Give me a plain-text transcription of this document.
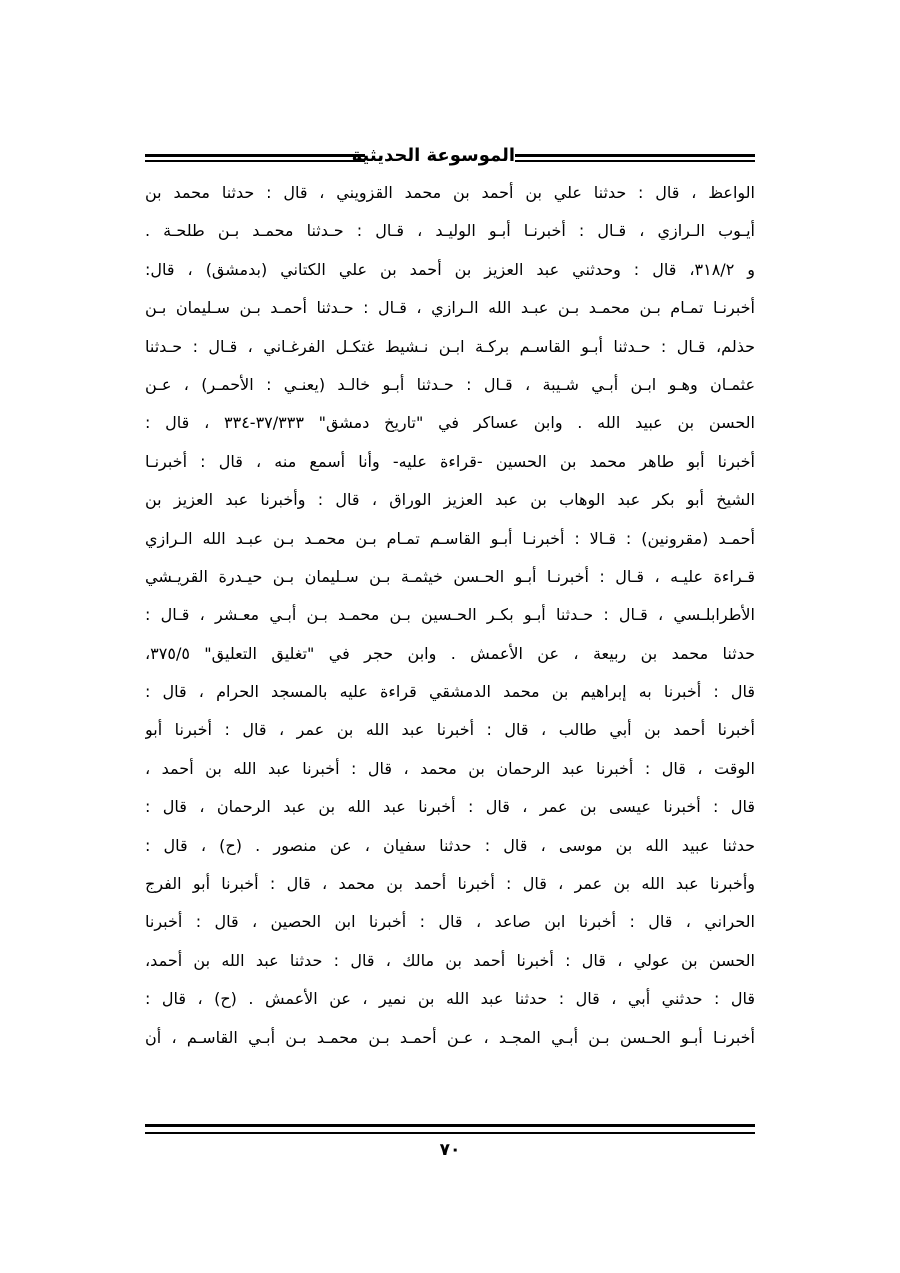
الموسوعة الحديثية
الواعظ ، قال : حدثنا علي بن أحمد بن محمد القزويني ، قال : حدثنا محمد بن
أيـوب الـرازي ، قـال : أخبرنـا أبـو الوليـد ، قـال : حـدثنا محمـد بـن طلحـة .
و ٣١٨/٢، قال : وحدثني عبد العزيز بن أحمد بن علي الكتاني (بدمشق) ، قال:
أخبرنـا تمـام بـن محمـد بـن عبـد الله الـرازي ، قـال : حـدثنا أحمـد بـن سـليمان بـن
حذلم، قـال : حـدثنا أبـو القاسـم بركـة ابـن نـشيط غتكـل الفرغـاني ، قـال : حـدثنا
عثمـان وهـو ابـن أبـي شـيبة ، قـال : حـدثنا أبـو خالـد (يعنـي : الأحمـر) ، عـن
الحسن بن عبيد الله . وابن عساكر في "تاريخ دمشق" ٣٧/٣٣٣-٣٣٤ ، قال :
أخبرنا أبو طاهر محمد بن الحسين -قراءة عليه- وأنا أسمع منه ، قال : أخبرنـا
الشيخ أبو بكر عبد الوهاب بن عبد العزيز الوراق ، قال : وأخبرنا عبد العزيز بن
أحمـد (مقرونين) : قـالا : أخبرنـا أبـو القاسـم تمـام بـن محمـد بـن عبـد الله الـرازي
قـراءة عليـه ، قـال : أخبرنـا أبـو الحـسن خيثمـة بـن سـليمان بـن حيـدرة القريـشي
الأطرابلـسي ، قـال : حـدثنا أبـو بكـر الحـسين بـن محمـد بـن أبـي معـشر ، قـال :
حدثنا محمد بن ربيعة ، عن الأعمش . وابن حجر في "تغليق التعليق" ٣٧٥/٥،
قال : أخبرنا به إبراهيم بن محمد الدمشقي قراءة عليه بالمسجد الحرام ، قال :
أخبرنا أحمد بن أبي طالب ، قال : أخبرنا عبد الله بن عمر ، قال : أخبرنا أبو
الوقت ، قال : أخبرنا عبد الرحمان بن محمد ، قال : أخبرنا عبد الله بن أحمد ،
قال : أخبرنا عيسى بن عمر ، قال : أخبرنا عبد الله بن عبد الرحمان ، قال :
حدثنا عبيد الله بن موسى ، قال : حدثنا سفيان ، عن منصور . (ح) ، قال :
وأخبرنا عبد الله بن عمر ، قال : أخبرنا أحمد بن محمد ، قال : أخبرنا أبو الفرج
الحراني ، قال : أخبرنا ابن صاعد ، قال : أخبرنا ابن الحصين ، قال : أخبرنا
الحسن بن عولي ، قال : أخبرنا أحمد بن مالك ، قال : حدثنا عبد الله بن أحمد،
قال : حدثني أبي ، قال : حدثنا عبد الله بن نمير ، عن الأعمش . (ح) ، قال :
أخبرنـا أبـو الحـسن بـن أبـي المجـد ، عـن أحمـد بـن محمـد بـن أبـي القاسـم ، أن
٧٠
